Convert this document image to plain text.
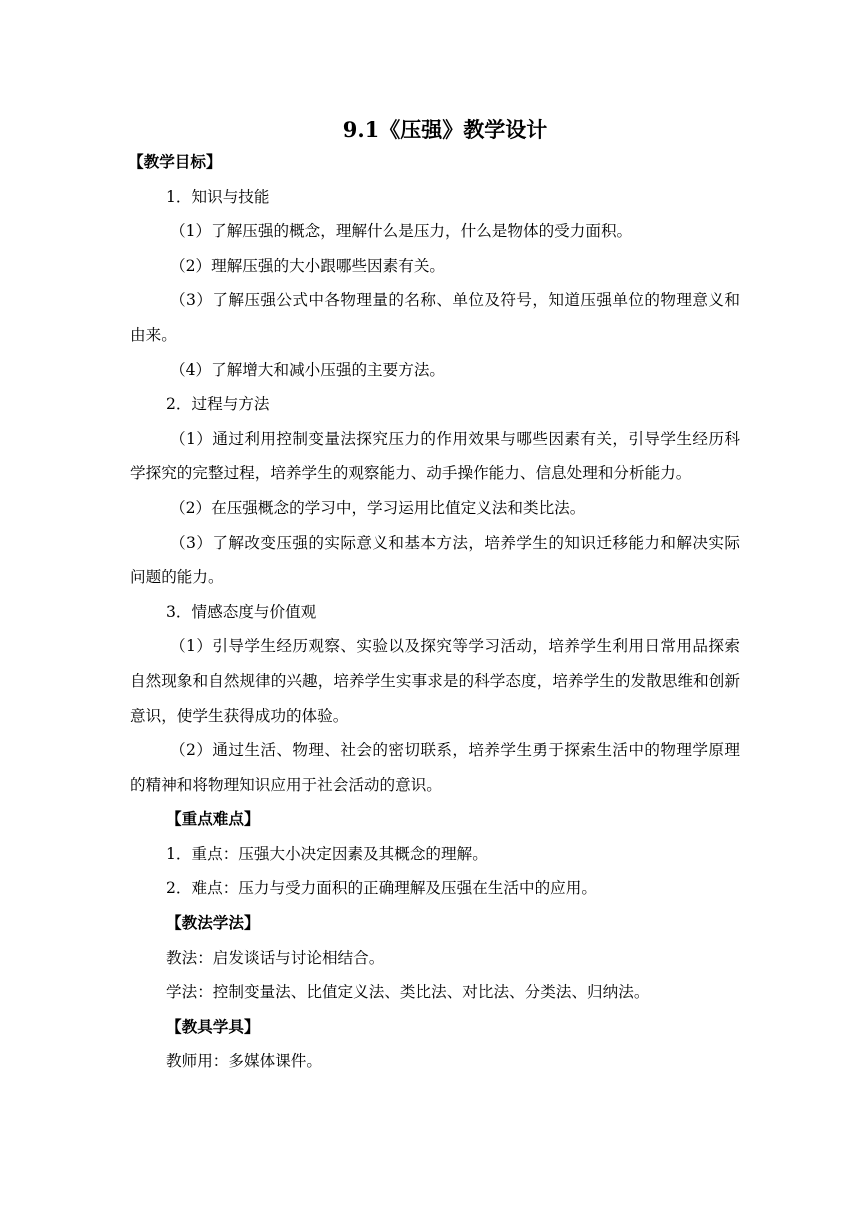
9.1《压强》教学设计

【教学目标】

1．知识与技能

（1）了解压强的概念，理解什么是压力，什么是物体的受力面积。

（2）理解压强的大小跟哪些因素有关。

（3）了解压强公式中各物理量的名称、单位及符号，知道压强单位的物理意义和由来。

（4）了解增大和减小压强的主要方法。

2．过程与方法

（1）通过利用控制变量法探究压力的作用效果与哪些因素有关，引导学生经历科学探究的完整过程，培养学生的观察能力、动手操作能力、信息处理和分析能力。

（2）在压强概念的学习中，学习运用比值定义法和类比法。

（3）了解改变压强的实际意义和基本方法，培养学生的知识迁移能力和解决实际问题的能力。

3．情感态度与价值观

（1）引导学生经历观察、实验以及探究等学习活动，培养学生利用日常用品探索自然现象和自然规律的兴趣，培养学生实事求是的科学态度，培养学生的发散思维和创新意识，使学生获得成功的体验。

（2）通过生活、物理、社会的密切联系，培养学生勇于探索生活中的物理学原理的精神和将物理知识应用于社会活动的意识。

【重点难点】

1．重点：压强大小决定因素及其概念的理解。

2．难点：压力与受力面积的正确理解及压强在生活中的应用。

【教法学法】

教法：启发谈话与讨论相结合。

学法：控制变量法、比值定义法、类比法、对比法、分类法、归纳法。

【教具学具】

教师用：多媒体课件。
